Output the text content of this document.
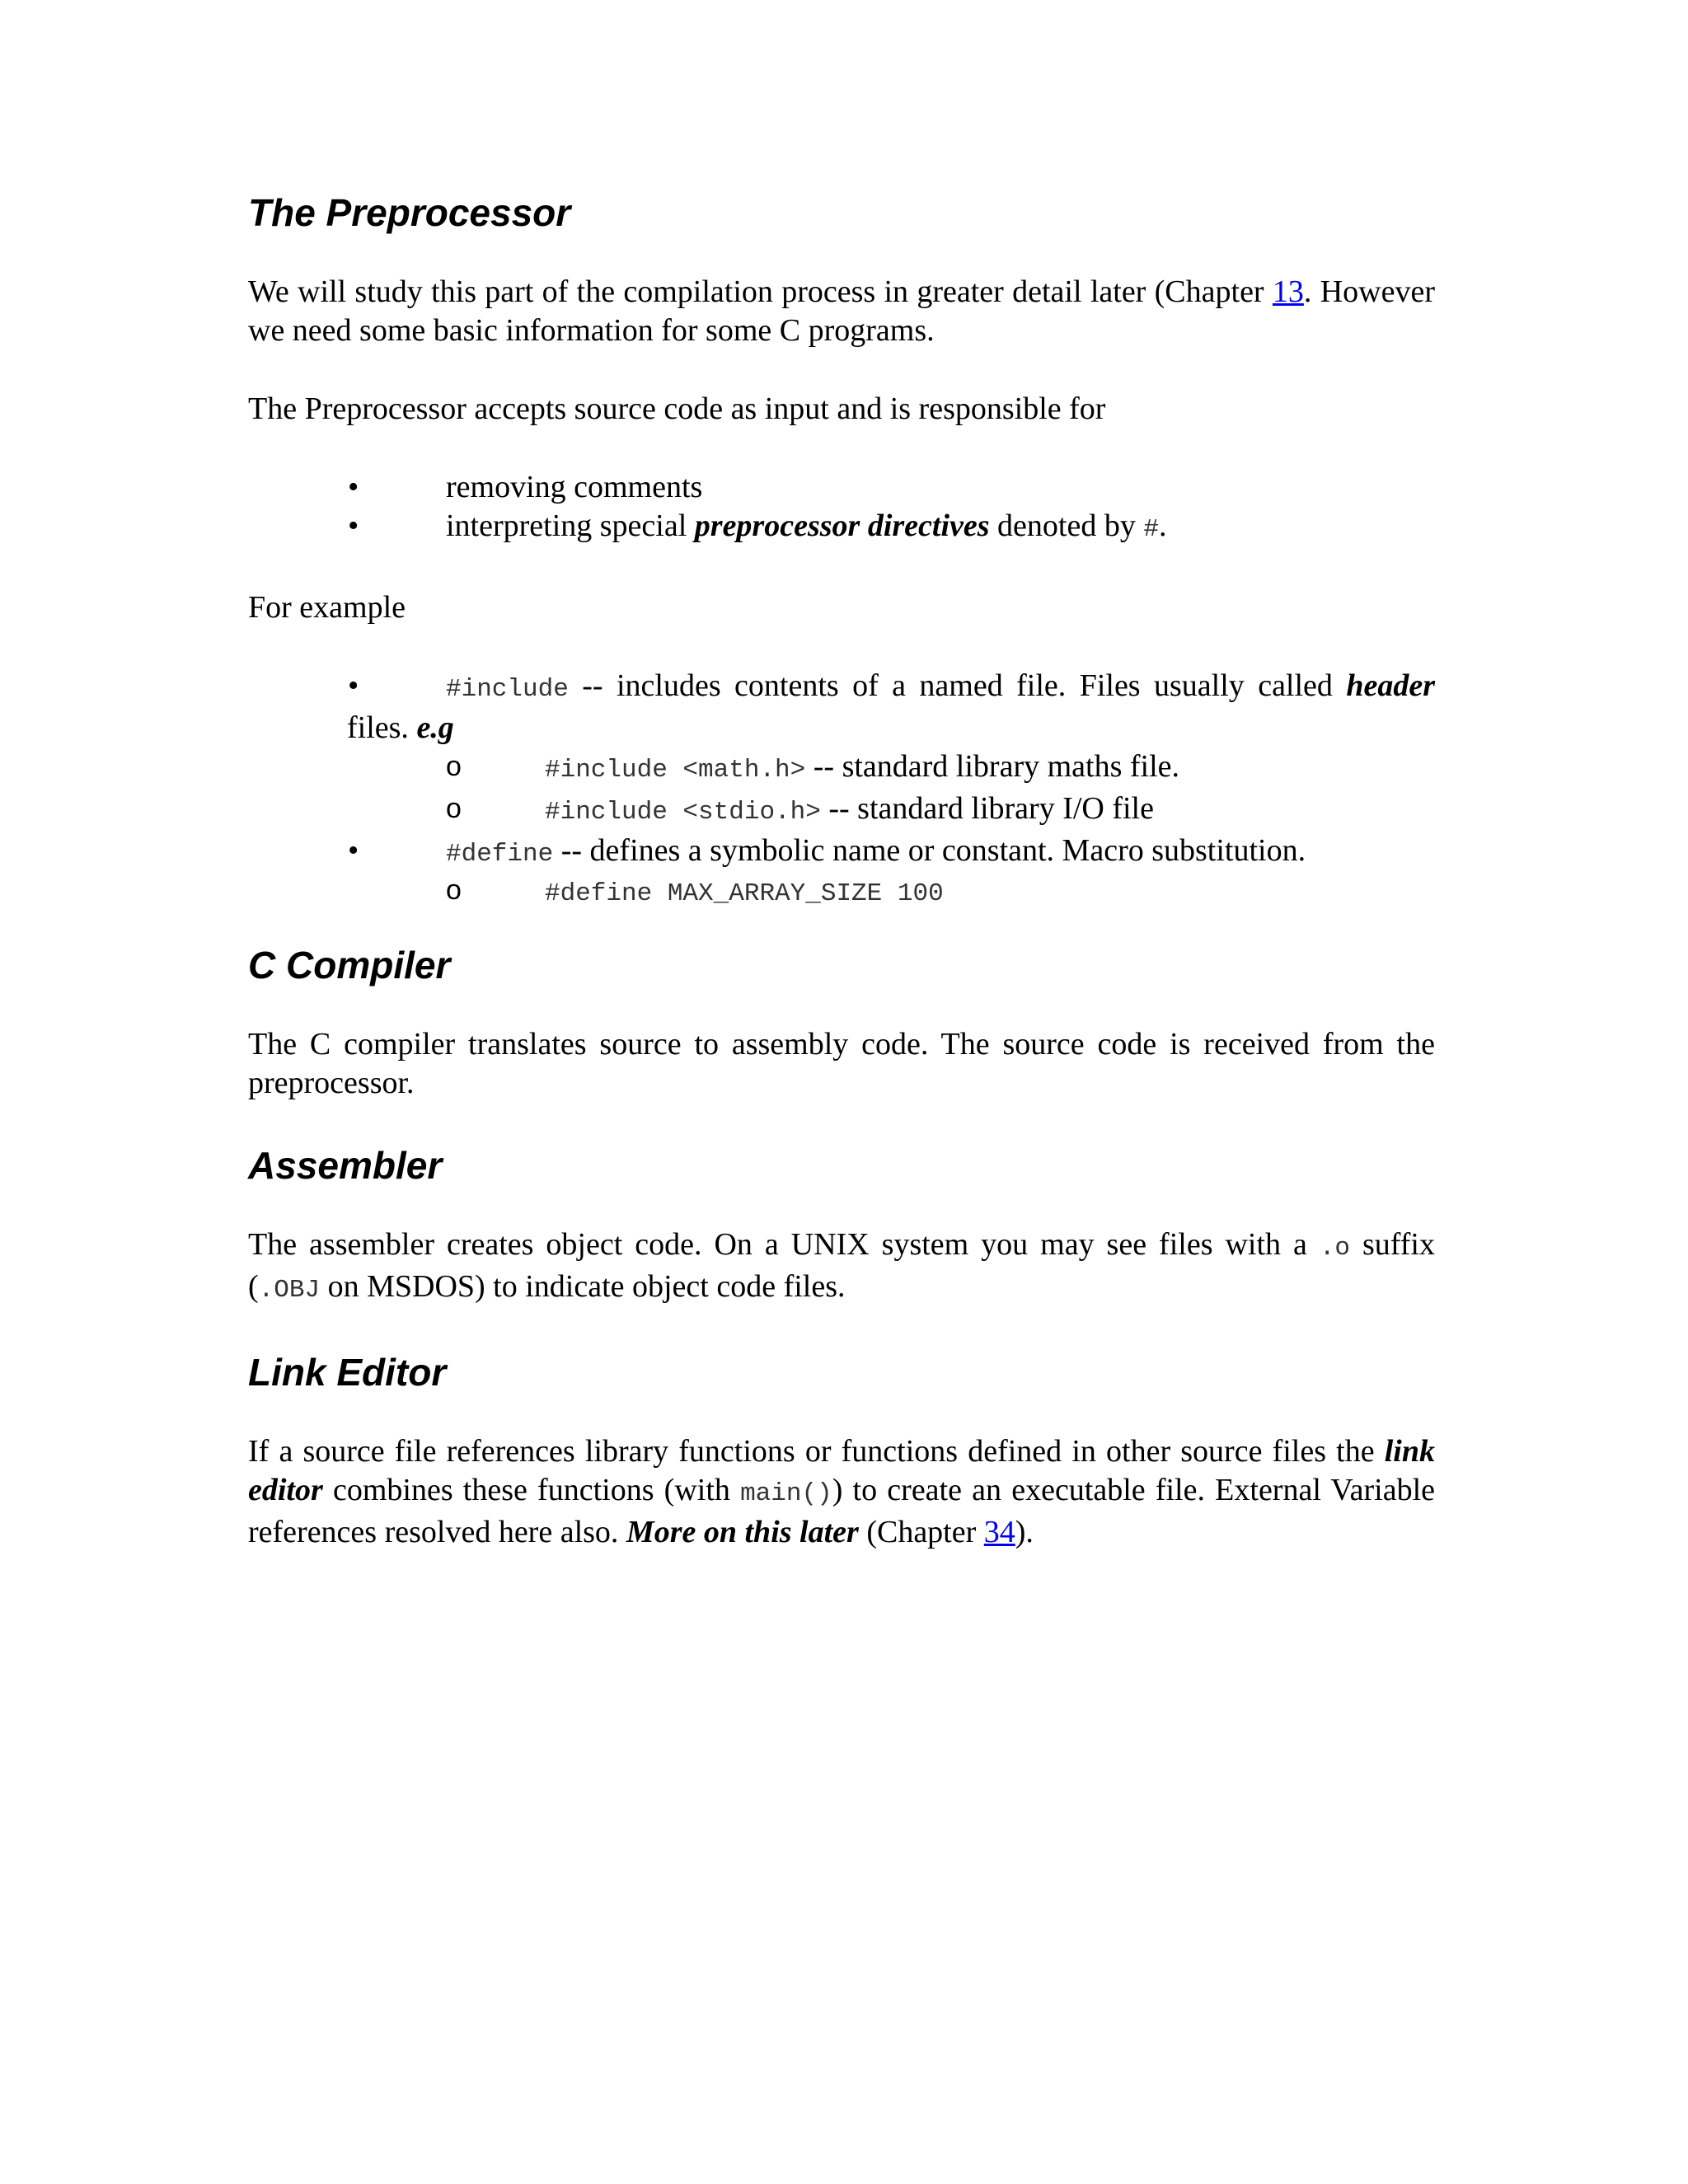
The Preprocessor

We will study this part of the compilation process in greater detail later (Chapter 13. However we need some basic information for some C programs.

The Preprocessor accepts source code as input and is responsible for

•	removing comments
•	interpreting special preprocessor directives denoted by #.

For example

•	#include -- includes contents of a named file. Files usually called header files. e.g
o	#include <math.h> -- standard library maths file.
o	#include <stdio.h> -- standard library I/O file
•	#define -- defines a symbolic name or constant. Macro substitution.
o	#define MAX_ARRAY_SIZE 100
C Compiler

The C compiler translates source to assembly code. The source code is received from the preprocessor.

Assembler

The assembler creates object code. On a UNIX system you may see files with a .o suffix (.OBJ on MSDOS) to indicate object code files.

Link Editor

If a source file references library functions or functions defined in other source files the link editor combines these functions (with main()) to create an executable file. External Variable references resolved here also. More on this later (Chapter 34).
